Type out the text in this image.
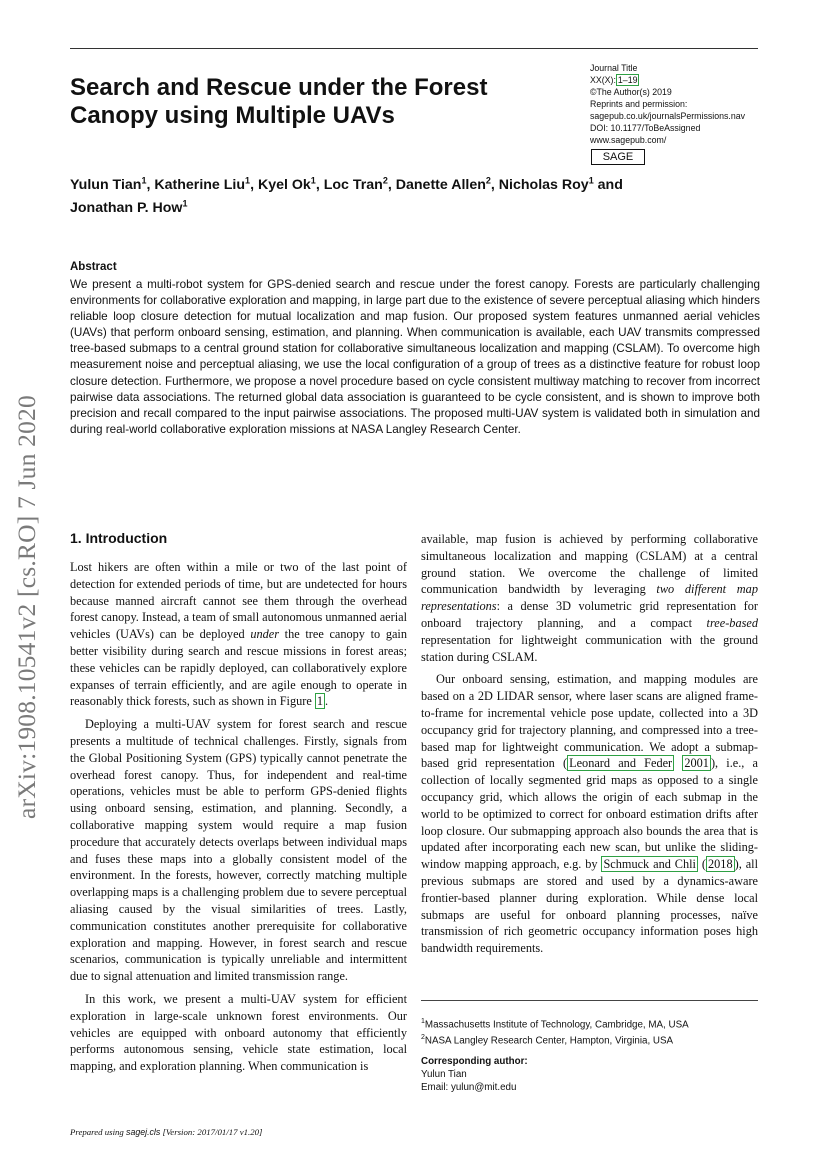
Search and Rescue under the Forest Canopy using Multiple UAVs
Journal Title
XX(X): 1–19
©The Author(s) 2019
Reprints and permission:
sagepub.co.uk/journalsPermissions.nav
DOI: 10.1177/ToBeAssigned
www.sagepub.com/
SAGE
Yulun Tian$^1$, Katherine Liu$^1$, Kyel Ok$^1$, Loc Tran$^2$, Danette Allen$^2$, Nicholas Roy$^1$ and
Jonathan P. How$^1$
Abstract
We present a multi-robot system for GPS-denied search and rescue under the forest canopy. Forests are particularly challenging environments for collaborative exploration and mapping, in large part due to the existence of severe perceptual aliasing which hinders reliable loop closure detection for mutual localization and map fusion. Our proposed system features unmanned aerial vehicles (UAVs) that perform onboard sensing, estimation, and planning. When communication is available, each UAV transmits compressed tree-based submaps to a central ground station for collaborative simultaneous localization and mapping (CSLAM). To overcome high measurement noise and perceptual aliasing, we use the local configuration of a group of trees as a distinctive feature for robust loop closure detection. Furthermore, we propose a novel procedure based on cycle consistent multiway matching to recover from incorrect pairwise data associations. The returned global data association is guaranteed to be cycle consistent, and is shown to improve both precision and recall compared to the input pairwise associations. The proposed multi-UAV system is validated both in simulation and during real-world collaborative exploration missions at NASA Langley Research Center.
arXiv:1908.10541v2 [cs.RO] 7 Jun 2020 1. Introduction

Lost hikers are often within a mile or two of the last point of detection for extended periods of time, but are undetected for hours because manned aircraft cannot see them through the overhead forest canopy. Instead, a team of small autonomous unmanned aerial vehicles (UAVs) can be deployed under the tree canopy to gain better visibility during search and rescue missions in forest areas; these vehicles can be rapidly deployed, can collaboratively explore expanses of terrain efficiently, and are agile enough to operate in reasonably thick forests, such as shown in Figure 1 .

Deploying a multi-UAV system for forest search and rescue presents a multitude of technical challenges. Firstly, signals from the Global Positioning System (GPS) typically cannot penetrate the overhead forest canopy. Thus, for independent and real-time operations, vehicles must be able to perform GPS-denied flights using onboard sensing, estimation, and planning. Secondly, a collaborative mapping system would require a map fusion procedure that accurately detects overlaps between individual maps and fuses these maps into a globally consistent model of the environment. In the forests, however, correctly matching multiple overlapping maps is a challenging problem due to severe perceptual aliasing caused by the visual similarities of trees. Lastly, communication constitutes another prerequisite for collaborative exploration and mapping. However, in forest search and rescue scenarios, communication is typically unreliable and intermittent due to signal attenuation and limited transmission range.

In this work, we present a multi-UAV system for efficient exploration in large-scale unknown forest environments. Our vehicles are equipped with onboard autonomy that efficiently performs autonomous sensing, vehicle state estimation, local mapping, and exploration planning. When communication is

available, map fusion is achieved by performing collaborative simultaneous localization and mapping (CSLAM) at a central ground station. We overcome the challenge of limited communication bandwidth by leveraging two different map representations: a dense 3D volumetric grid representation for onboard trajectory planning, and a compact tree-based representation for lightweight communication with the ground station during CSLAM.

Our onboard sensing, estimation, and mapping modules are based on a 2D LIDAR sensor, where laser scans are aligned frame-to-frame for incremental vehicle pose update, collected into a 3D occupancy grid for trajectory planning, and compressed into a tree-based map for lightweight communication. We adopt a submap-based grid representation ( Leonard and Feder 2001 ), i.e., a collection of locally segmented grid maps as opposed to a single occupancy grid, which allows the origin of each submap in the world to be optimized to correct for onboard estimation drifts after loop closure. Our submapping approach also bounds the area that is updated after incorporating each new scan, but unlike the sliding-window mapping approach, e.g. by Schmuck and Chli ( 2018 ), all previous submaps are stored and used by a dynamics-aware frontier-based planner during exploration. While dense local submaps are useful for onboard planning processes, naïve transmission of rich geometric occupancy information poses high bandwidth requirements.

$^1$Massachusetts Institute of Technology, Cambridge, MA, USA
$^2$NASA Langley Research Center, Hampton, Virginia, USA
Corresponding author:
Yulun Tian
Email: yulun@mit.edu
Prepared using sagej.cls [Version: 2017/01/17 v1.20]
